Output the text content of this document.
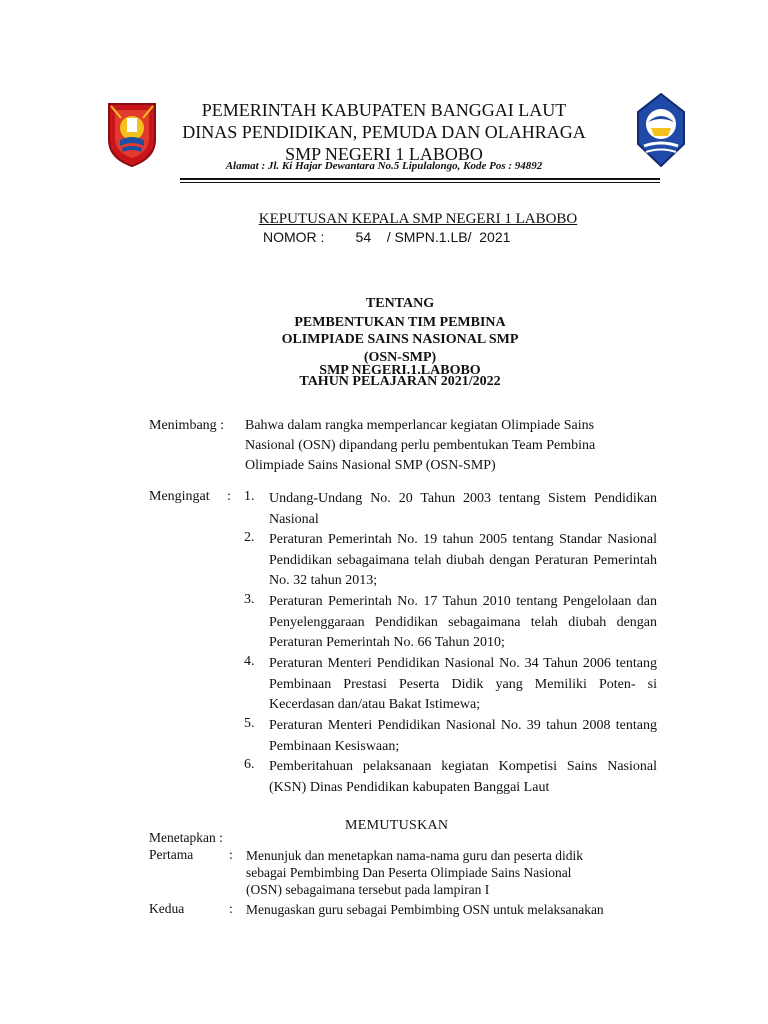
PEMERINTAH KABUPATEN BANGGAI LAUT
DINAS PENDIDIKAN, PEMUDA DAN OLAHRAGA
SMP NEGERI 1 LABOBO
Alamat : Jl. Ki Hajar Dewantara No.5 Lipulalongo, Kode Pos : 94892
KEPUTUSAN KEPALA SMP NEGERI 1 LABOBO
NOMOR :        54    / SMPN.1.LB/  2021
TENTANG
PEMBENTUKAN TIM PEMBINA
OLIMPIADE SAINS NASIONAL SMP
(OSN-SMP)
SMP NEGERI.1.LABOBO
TAHUN PELAJARAN 2021/2022
Menimbang : Bahwa dalam rangka memperlancar kegiatan Olimpiade Sains
Nasional (OSN) dipandang perlu pembentukan Team Pembina
Olimpiade Sains Nasional SMP (OSN-SMP)
Mengingat : 1. Undang-Undang No. 20 Tahun 2003 tentang Sistem Pendidikan Nasional
2. Peraturan Pemerintah No. 19 tahun 2005 tentang Standar Nasional Pendidikan sebagaimana telah diubah dengan Peraturan Pemerintah No. 32 tahun 2013;
3. Peraturan Pemerintah No. 17 Tahun 2010 tentang Pengelolaan dan Penyelenggaraan Pendidikan sebagaimana telah diubah dengan Peraturan Pemerintah No. 66 Tahun 2010;
4. Peraturan Menteri Pendidikan Nasional No. 34 Tahun 2006 tentang Pembinaan Prestasi Peserta Didik yang Memiliki Poten- si Kecerdasan dan/atau Bakat Istimewa;
5. Peraturan Menteri Pendidikan Nasional No. 39 tahun 2008 tentang Pembinaan Kesiswaan;
6. Pemberitahuan pelaksanaan kegiatan Kompetisi Sains Nasional (KSN) Dinas Pendidikan kabupaten Banggai Laut
MEMUTUSKAN
Menetapkan :
Pertama	: Menunjuk dan menetapkan nama-nama guru dan peserta didik
sebagai Pembimbing Dan Peserta Olimpiade Sains Nasional
(OSN) sebagaimana tersebut pada lampiran I
Kedua	: Menugaskan guru sebagai Pembimbing OSN untuk melaksanakan
